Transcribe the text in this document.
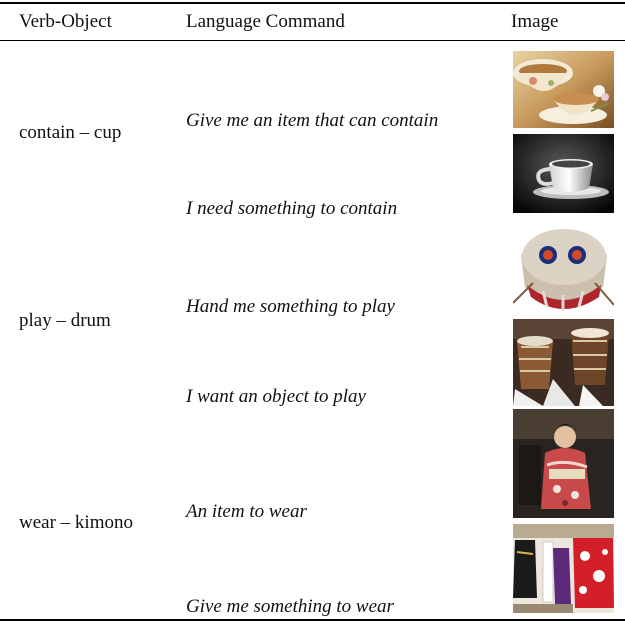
Verb-Object	Language Command	Image
contain – cup
Give me an item that can contain
I need something to contain
play – drum
Hand me something to play
I want an object to play
wear – kimono
An item to wear
Give me something to wear
